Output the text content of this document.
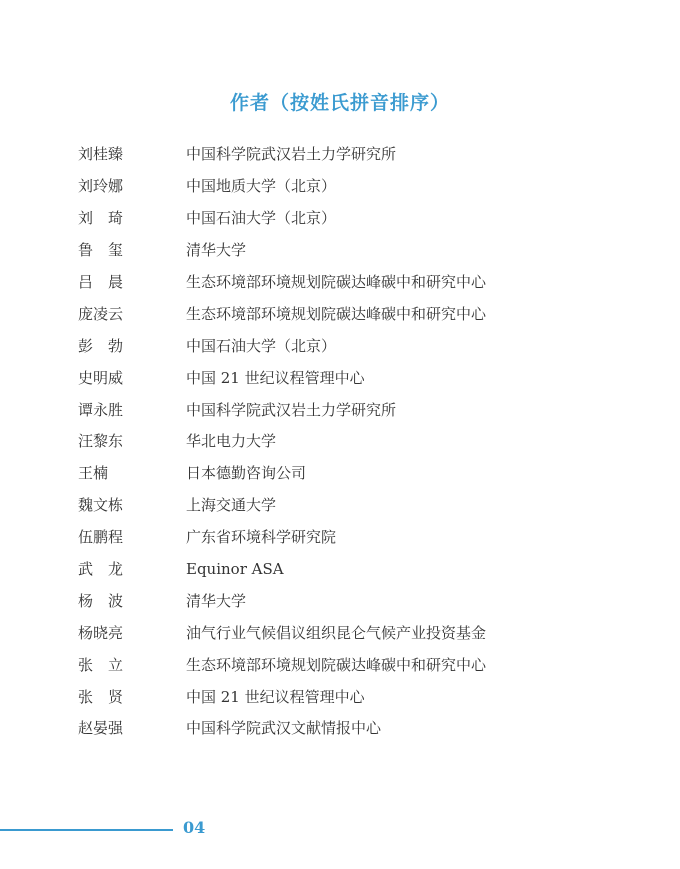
作者（按姓氏拼音排序）
刘桂臻	中国科学院武汉岩土力学研究所
刘玲娜	中国地质大学（北京）
刘　琦	中国石油大学（北京）
鲁　玺	清华大学
吕　晨	生态环境部环境规划院碳达峰碳中和研究中心
庞凌云	生态环境部环境规划院碳达峰碳中和研究中心
彭　勃	中国石油大学（北京）
史明威	中国 21 世纪议程管理中心
谭永胜	中国科学院武汉岩土力学研究所
汪黎东	华北电力大学
王楠	日本德勤咨询公司
魏文栋	上海交通大学
伍鹏程	广东省环境科学研究院
武　龙	Equinor ASA
杨　波	清华大学
杨晓亮	油气行业气候倡议组织昆仑气候产业投资基金
张　立	生态环境部环境规划院碳达峰碳中和研究中心
张　贤	中国 21 世纪议程管理中心
赵晏强	中国科学院武汉文献情报中心
04
